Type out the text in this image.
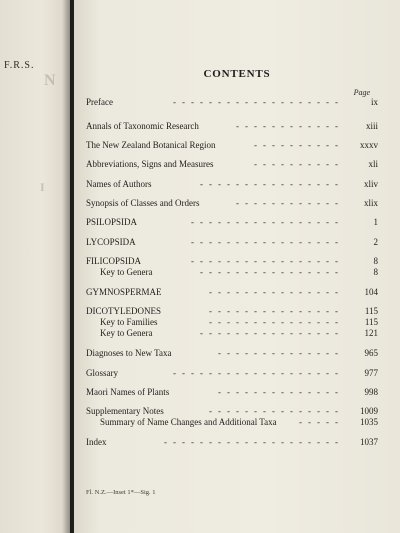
F.R.S.
N
I
CONTENTS
Page
Preface	-------------------	ix
Annals of Taxonomic Research	------------ xiii
The New Zealand Botanical Region	---------- xxxv
Abbreviations, Signs and Measures	----------	xli
Names of Authors	---------------- xliv
Synopsis of Classes and Orders	------------ xlix
PSILOPSIDA	-----------------	1
LYCOPSIDA	-----------------	2
FILICOPSIDA	-----------------	8
Key to Genera	----------------	8
GYMNOSPERMAE	--------------- 104
DICOTYLEDONES	--------------- 115
Key to Families	--------------- 115
Key to Genera	---------------- 121
Diagnoses to New Taxa	-------------- 965
Glossary	------------------- 977
Maori Names of Plants	-------------- 998
Supplementary Notes	--------------- 1009
Summary of Name Changes and Additional Taxa ----- 1035
Index	-------------------- 1037
Fl. N.Z.—Inset 1*—Sig. 1
